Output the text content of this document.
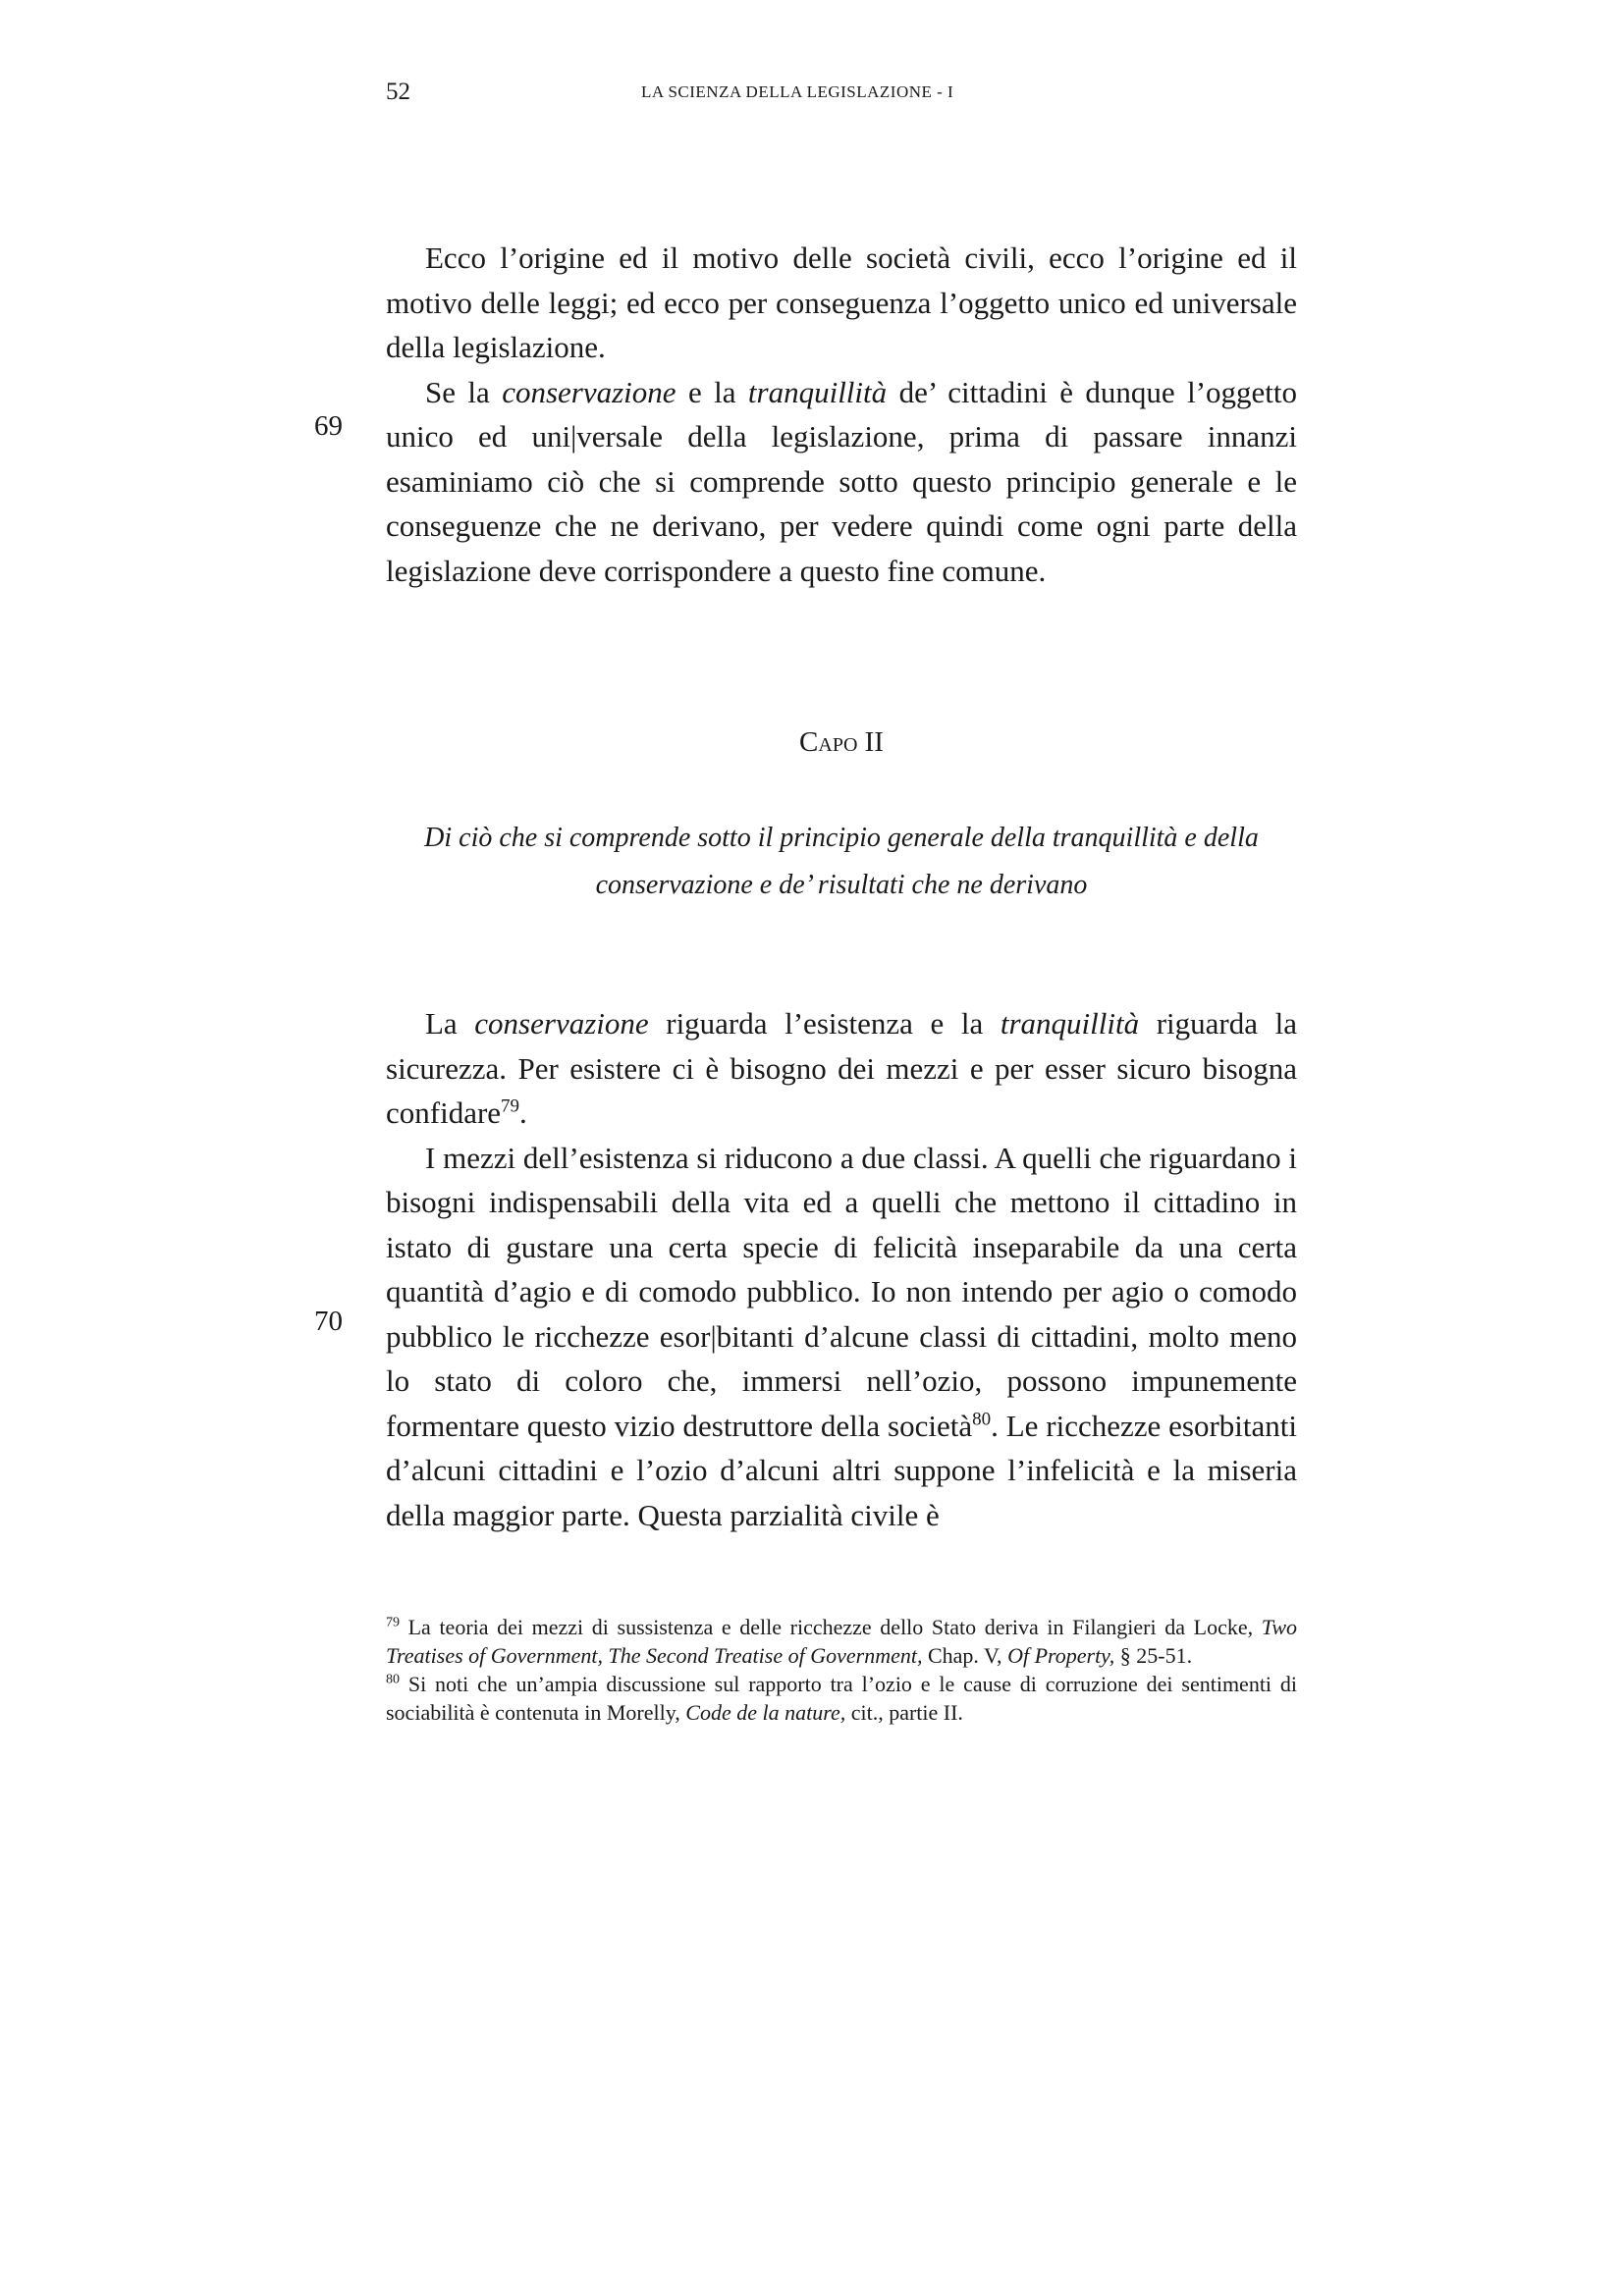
52	LA SCIENZA DELLA LEGISLAZIONE - I
69
70

Ecco l’origine ed il motivo delle società civili, ecco l’origine ed il motivo delle leggi; ed ecco per conseguenza l’oggetto unico ed universale della legislazione.

Se la conservazione e la tranquillità de’ cittadini è dunque l’oggetto unico ed uni|versale della legislazione, prima di passare innanzi esaminiamo ciò che si comprende sotto questo principio generale e le conseguenze che ne derivano, per vedere quindi come ogni parte della legislazione deve corrispondere a questo fine comune.

Capo II
Di ciò che si comprende sotto il principio generale della tranquillità e della
conservazione e de’ risultati che ne derivano

La conservazione riguarda l’esistenza e la tranquillità riguarda la sicurezza. Per esistere ci è bisogno dei mezzi e per esser sicuro bisogna confidare$^{79}$.

I mezzi dell’esistenza si riducono a due classi. A quelli che riguardano i bisogni indispensabili della vita ed a quelli che mettono il cittadino in istato di gustare una certa specie di felicità inseparabile da una certa quantità d’agio e di comodo pubblico. Io non intendo per agio o comodo pubblico le ricchezze esor|bitanti d’alcune classi di cittadini, molto meno lo stato di coloro che, immersi nell’ozio, possono impunemente formentare questo vizio destruttore della società$^{80}$. Le ricchezze esorbitanti d’alcuni cittadini e l’ozio d’alcuni altri suppone l’infelicità e la miseria della maggior parte. Questa parzialità civile è

$^{79}$ La teoria dei mezzi di sussistenza e delle ricchezze dello Stato deriva in Filangieri da Locke, Two Treatises of Government, The Second Treatise of Government, Chap. V, Of Property, § 25-51.

$^{80}$ Si noti che un’ampia discussione sul rapporto tra l’ozio e le cause di corruzione dei sentimenti di sociabilità è contenuta in Morelly, Code de la nature, cit., partie II.
